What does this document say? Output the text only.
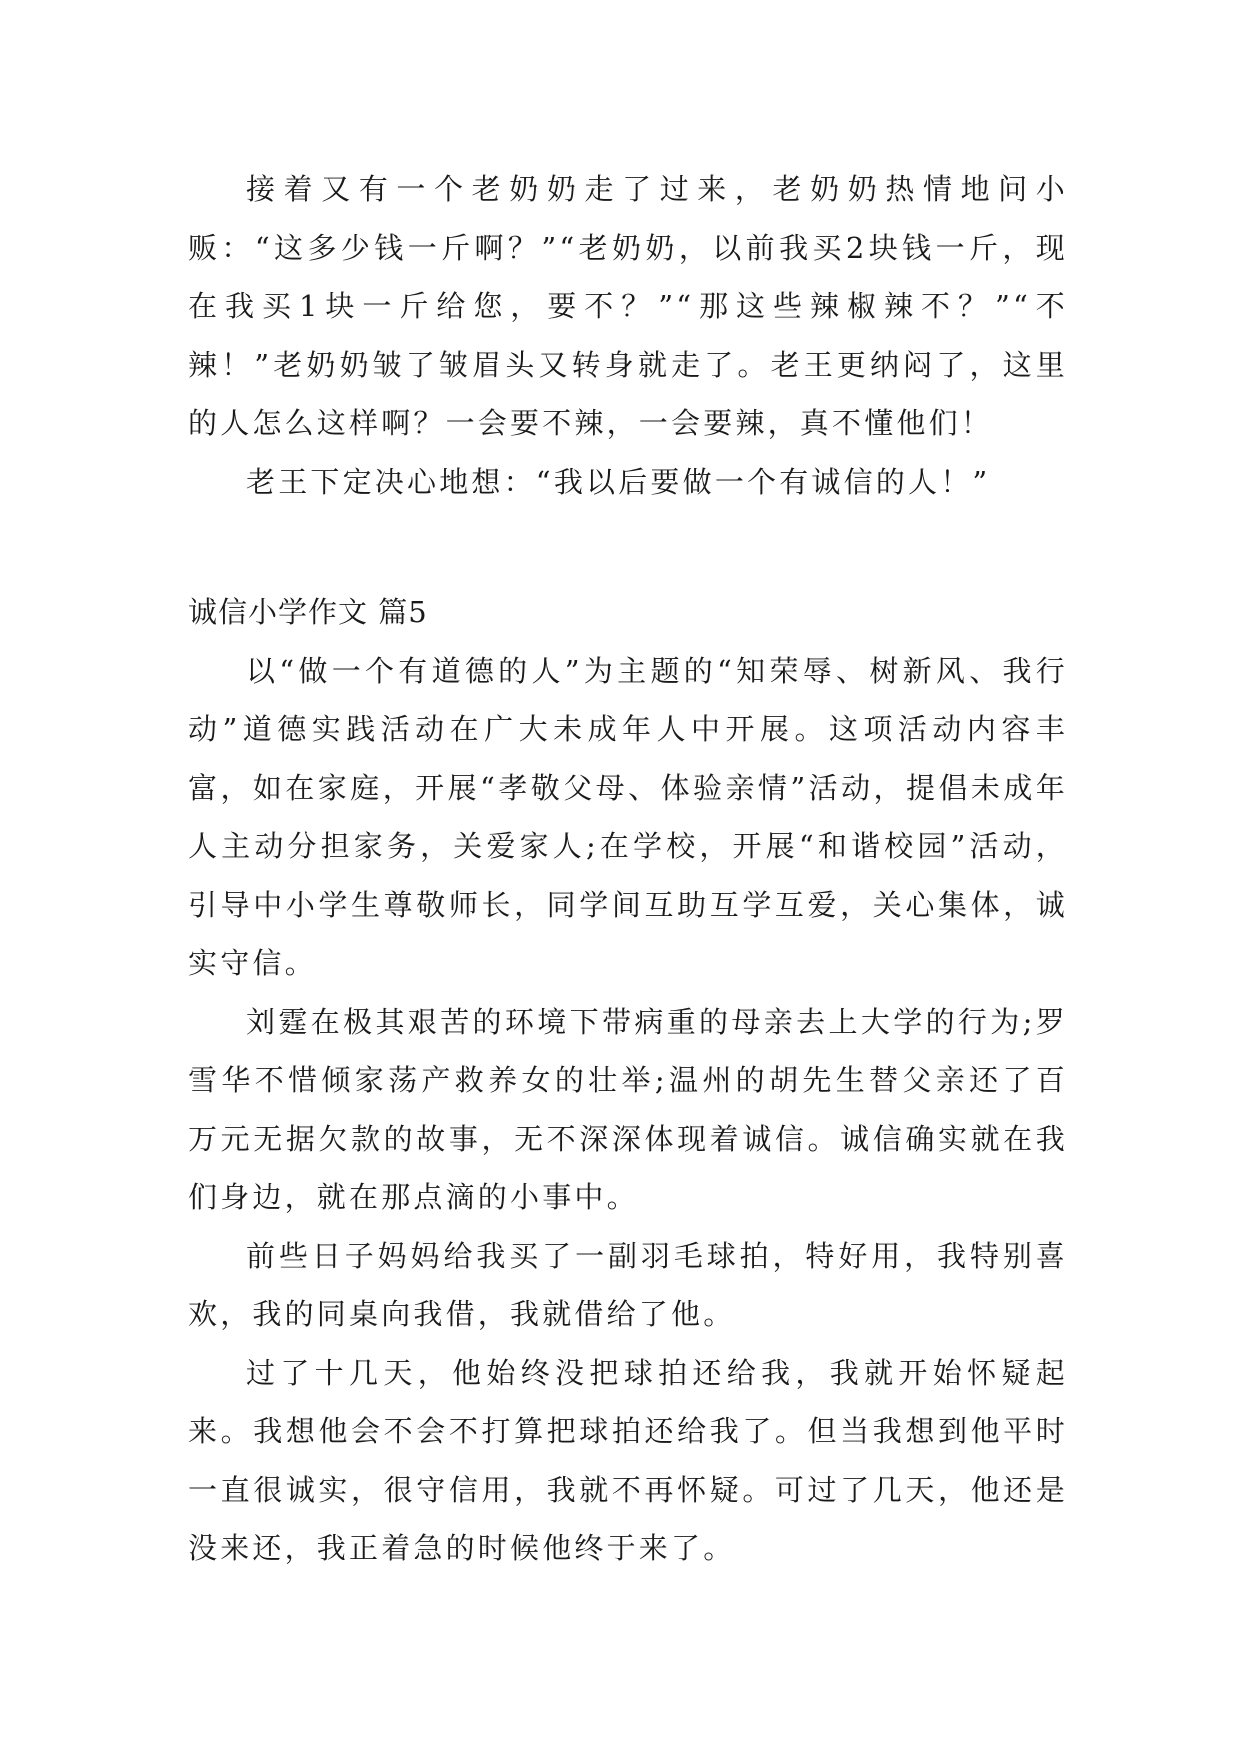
接着又有一个老奶奶走了过来，老奶奶热情地问小贩：“这多少钱一斤啊？”“老奶奶，以前我买2块钱一斤，现在我买1块一斤给您，要不？”“那这些辣椒辣不？”“不辣！”老奶奶皱了皱眉头又转身就走了。老王更纳闷了，这里的人怎么这样啊？一会要不辣，一会要辣，真不懂他们！

老王下定决心地想：“我以后要做一个有诚信的人！”

诚信小学作文 篇5

以“做一个有道德的人”为主题的“知荣辱、树新风、我行动”道德实践活动在广大未成年人中开展。这项活动内容丰富，如在家庭，开展“孝敬父母、体验亲情”活动，提倡未成年人主动分担家务，关爱家人;在学校，开展“和谐校园”活动，引导中小学生尊敬师长，同学间互助互学互爱，关心集体，诚实守信。

刘霆在极其艰苦的环境下带病重的母亲去上大学的行为;罗雪华不惜倾家荡产救养女的壮举;温州的胡先生替父亲还了百万元无据欠款的故事，无不深深体现着诚信。诚信确实就在我们身边，就在那点滴的小事中。

前些日子妈妈给我买了一副羽毛球拍，特好用，我特别喜欢，我的同桌向我借，我就借给了他。

过了十几天，他始终没把球拍还给我，我就开始怀疑起来。我想他会不会不打算把球拍还给我了。但当我想到他平时一直很诚实，很守信用，我就不再怀疑。可过了几天，他还是没来还，我正着急的时候他终于来了。
